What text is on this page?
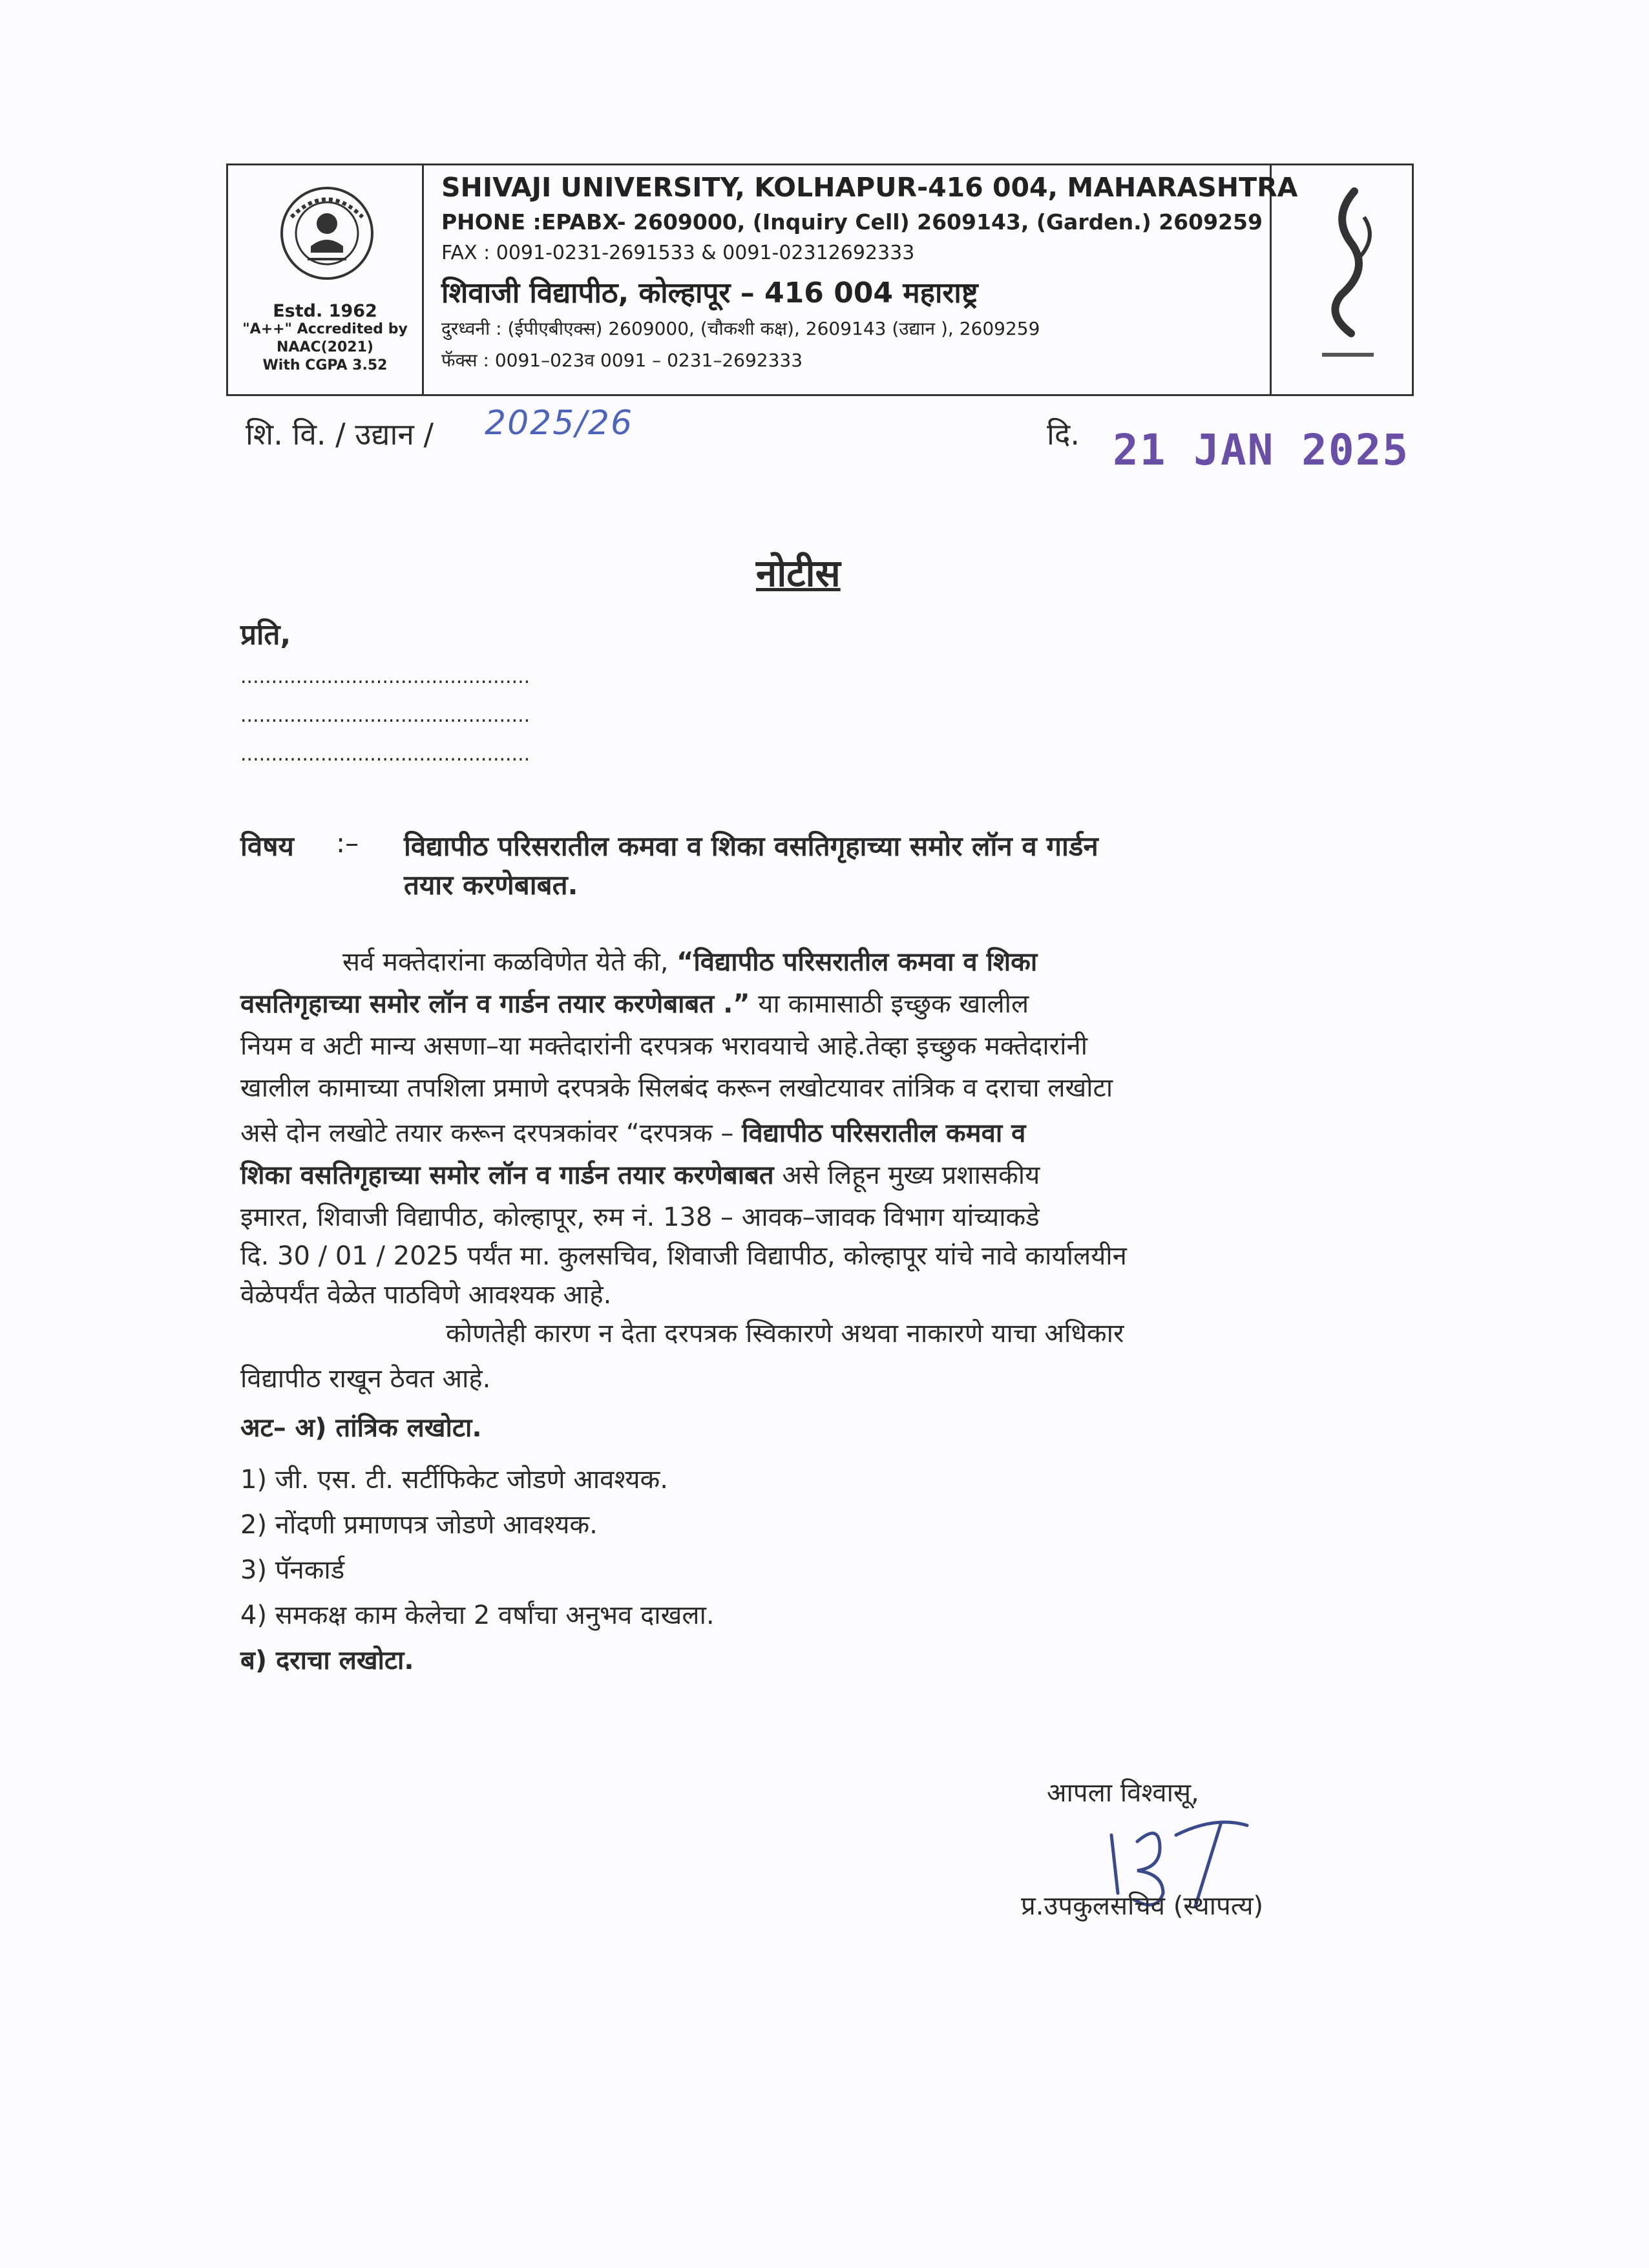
Estd. 1962
"A++" Accredited by
NAAC(2021)
With CGPA 3.52
SHIVAJI UNIVERSITY, KOLHAPUR-416 004, MAHARASHTRA
PHONE :EPABX- 2609000, (Inquiry Cell) 2609143, (Garden.) 2609259
FAX : 0091-0231-2691533 & 0091-02312692333
शिवाजी विद्यापीठ, कोल्हापूर – 416 004 महाराष्ट्र
दुरध्वनी : (ईपीएबीएक्स) 2609000, (चौकशी कक्ष), 2609143 (उद्यान ), 2609259
फॅक्स : 0091–023व 0091 – 0231–2692333
शि. वि. / उद्यान / 2025/26	दि. 21 JAN 2025
नोटीस
प्रति,
...............................................
...............................................
...............................................
विषय :– विद्यापीठ परिसरातील कमवा व शिका वसतिगृहाच्या समोर लॉन व गार्डन
तयार करणेबाबत.
सर्व मक्तेदारांना कळविणेत येते की, “विद्यापीठ परिसरातील कमवा व शिका
वसतिगृहाच्या समोर लॉन व गार्डन तयार करणेबाबत .” या कामासाठी इच्छुक खालील
नियम व अटी मान्य असणा–या मक्तेदारांनी दरपत्रक भरावयाचे आहे.तेव्हा इच्छुक मक्तेदारांनी
खालील कामाच्या तपशिला प्रमाणे दरपत्रके सिलबंद करून लखोटयावर तांत्रिक व दराचा लखोटा
असे दोन लखोटे तयार करून दरपत्रकांवर “दरपत्रक – विद्यापीठ परिसरातील कमवा व
शिका वसतिगृहाच्या समोर लॉन व गार्डन तयार करणेबाबत असे लिहून मुख्य प्रशासकीय
इमारत, शिवाजी विद्यापीठ, कोल्हापूर, रुम नं. 138 – आवक–जावक विभाग यांच्याकडे
दि. 30 / 01 / 2025 पर्यंत मा. कुलसचिव, शिवाजी विद्यापीठ, कोल्हापूर यांचे नावे कार्यालयीन
वेळेपर्यंत वेळेत पाठविणे आवश्यक आहे.
कोणतेही कारण न देता दरपत्रक स्विकारणे अथवा नाकारणे याचा अधिकार
विद्यापीठ राखून ठेवत आहे.
अट– अ) तांत्रिक लखोटा.
1) जी. एस. टी. सर्टीफिकेट जोडणे आवश्यक.
2) नोंदणी प्रमाणपत्र जोडणे आवश्यक.
3) पॅनकार्ड
4) समकक्ष काम केलेचा 2 वर्षांचा अनुभव दाखला.
ब) दराचा लखोटा.
आपला विश्वासू,
प्र.उपकुलसचिव (स्थापत्य)
